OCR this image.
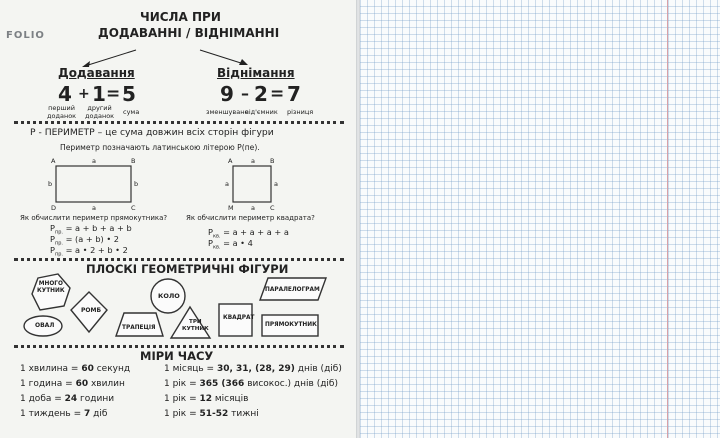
FOLIO
ЧИСЛА ПРИ
ДОДАВАННІ / ВІДНІМАННІ
Додавання
4 + 1 = 5
перший
доданок
другий
доданок
сума
Віднімання
9 – 2 = 7
зменшуване
від'ємник різниця
P - ПЕРИМЕТР – це сума довжин всіх сторін фігури
Периметр позначають латинською літерою P(пе).
A	a	B
b	b
D	a	C
A	a B
a	a
M	a C
Як обчислити периметр прямокутника?
$P_{пр.} = a + b + a + b$
$P_{пр.} = (a + b)$ • 2
$P_{пр.} = a$ • 2 + b • 2
Як обчислити периметр квадрата?
$P_{кв.} = a + a + a + a$
$P_{кв.} = a$ • 4
ПЛОСКІ ГЕОМЕТРИЧНІ ФІГУРИ
МНОГО
КУТНИК
РОМБ
КОЛО
ОВАЛ	ТРАПЕЦІЯ
ТРИ
КУТНИК
КВАДРАТ
ПАРАЛЕЛОГРАМ
ПРЯМОКУТНИК
МІРИ ЧАСУ
1 хвилина = 60 секунд
1 година = 60 хвилин
1 доба = 24 години
1 тиждень = 7 діб
1 місяць = 30, 31, (28, 29) днів (діб)
1 рік = 365 (366 високос.) днів (діб)
1 рік = 12 місяців
1 рік = 51-52 тижні
